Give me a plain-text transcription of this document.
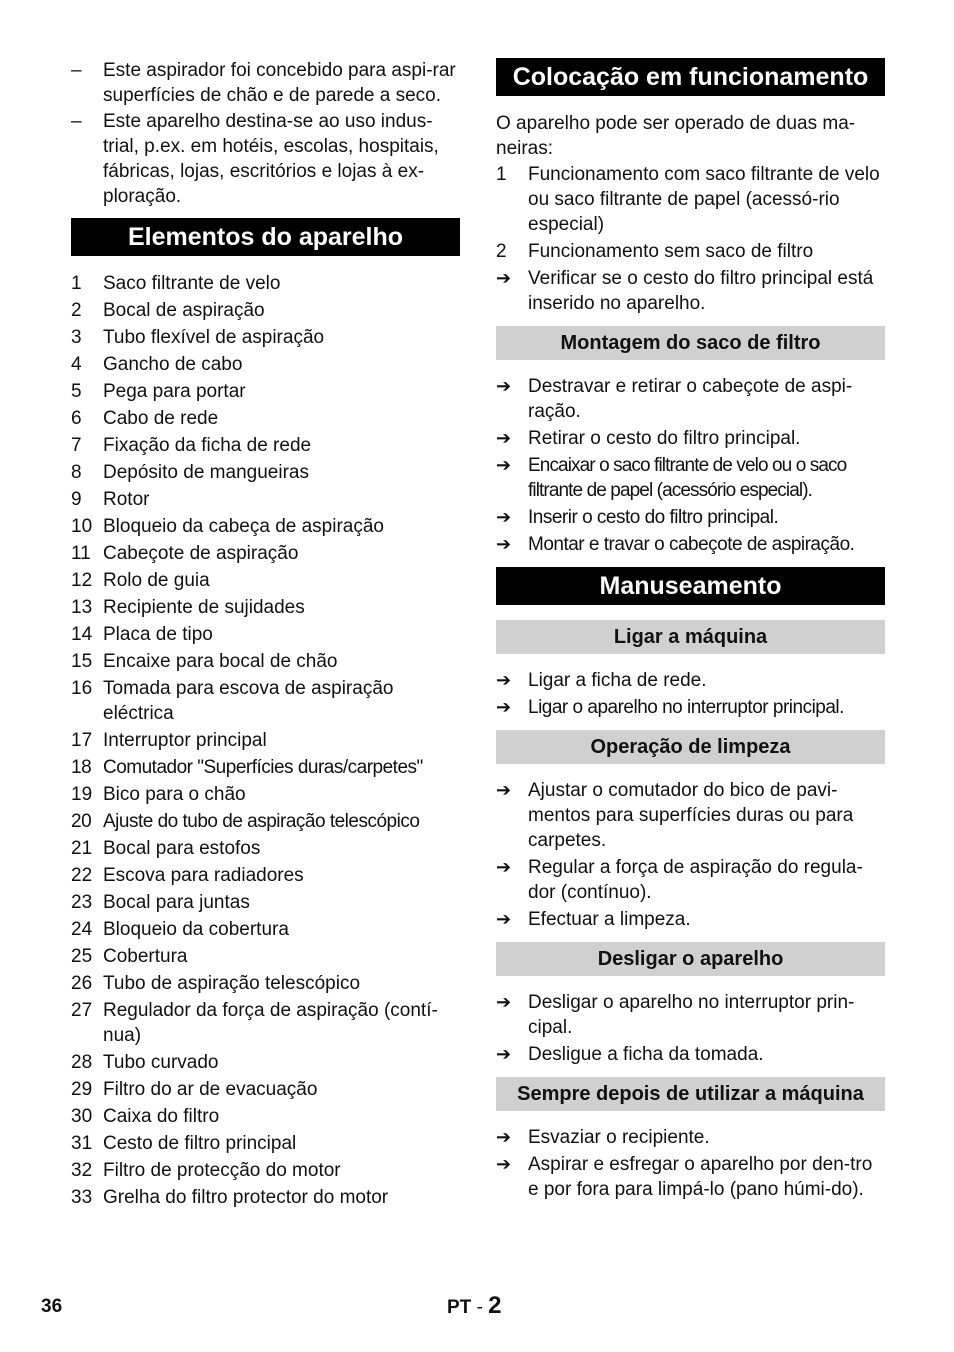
–	Este aspirador foi concebido para aspi-rar superfícies de chão e de parede a seco.
–	Este aparelho destina-se ao uso indus-trial, p.ex. em hotéis, escolas, hospitais, fábricas, lojas, escritórios e lojas à ex-ploração.
Elementos do aparelho
1	Saco filtrante de velo
2	Bocal de aspiração
3	Tubo flexível de aspiração
4	Gancho de cabo
5	Pega para portar
6	Cabo de rede
7	Fixação da ficha de rede
8	Depósito de mangueiras
9	Rotor
10 Bloqueio da cabeça de aspiração
11 Cabeçote de aspiração
12 Rolo de guia
13 Recipiente de sujidades
14 Placa de tipo
15 Encaixe para bocal de chão
16 Tomada para escova de aspiração eléctrica
17 Interruptor principal
18 Comutador "Superfícies duras/carpetes"
19 Bico para o chão
20 Ajuste do tubo de aspiração telescópico
21 Bocal para estofos
22 Escova para radiadores
23 Bocal para juntas
24 Bloqueio da cobertura
25 Cobertura
26 Tubo de aspiração telescópico
27 Regulador da força de aspiração (contí-nua)
28 Tubo curvado
29 Filtro do ar de evacuação
30 Caixa do filtro
31 Cesto de filtro principal
32 Filtro de protecção do motor
33 Grelha do filtro protector do motor
Colocação em funcionamento
O aparelho pode ser operado de duas ma-neiras:
1	Funcionamento com saco filtrante de velo ou saco filtrante de papel (acessó-rio especial)
2	Funcionamento sem saco de filtro
➔ Verificar se o cesto do filtro principal está inserido no aparelho.
Montagem do saco de filtro
➔ Destravar e retirar o cabeçote de aspi-ração.
➔ Retirar o cesto do filtro principal.
➔ Encaixar o saco filtrante de velo ou o saco filtrante de papel (acessório especial).
➔ Inserir o cesto do filtro principal.
➔ Montar e travar o cabeçote de aspiração.
Manuseamento
Ligar a máquina
➔ Ligar a ficha de rede.
➔ Ligar o aparelho no interruptor principal.
Operação de limpeza
➔ Ajustar o comutador do bico de pavi-mentos para superfícies duras ou para carpetes.
➔ Regular a força de aspiração do regula-dor (contínuo).
➔ Efectuar a limpeza.
Desligar o aparelho
➔ Desligar o aparelho no interruptor prin-cipal.
➔ Desligue a ficha da tomada.
Sempre depois de utilizar a máquina
➔ Esvaziar o recipiente.
➔ Aspirar e esfregar o aparelho por den-tro e por fora para limpá-lo (pano húmi-do).
36	PT - 2
